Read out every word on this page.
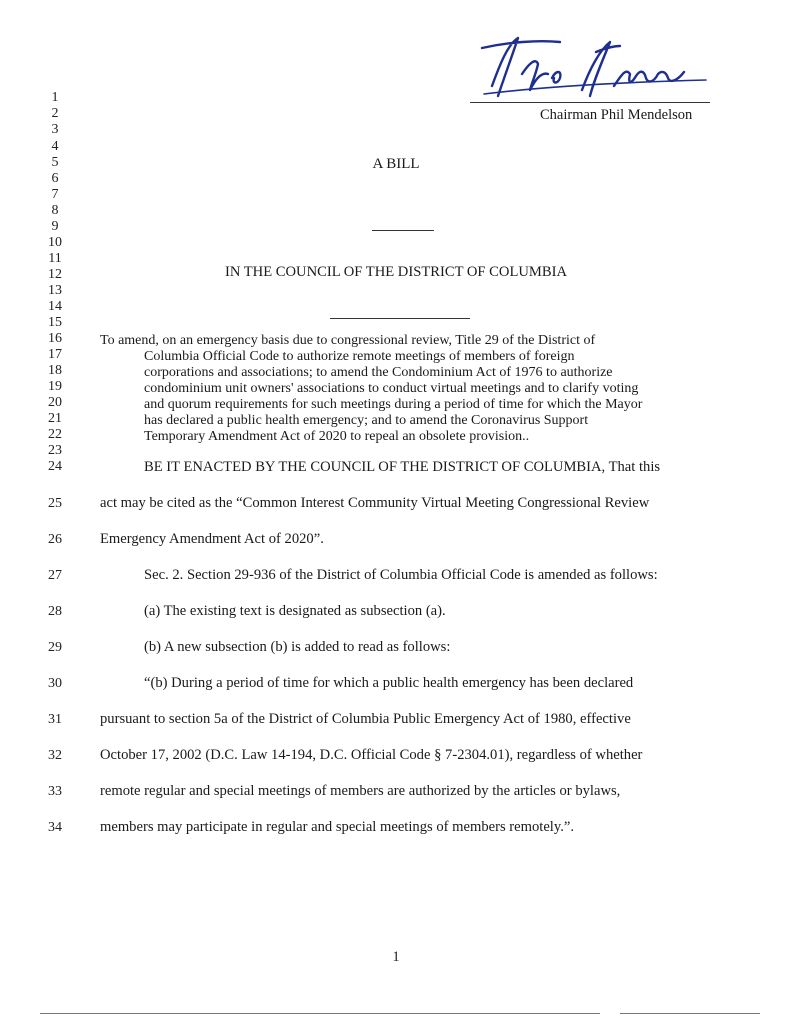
Chairman Phil Mendelson
1
2
3
4
5
6
7
8
9
10
11
12
13
14
15
16
17
18
19
20
21
22
23
24
25
26
27
28
29
30
31
32
33
34
A BILL
IN THE COUNCIL OF THE DISTRICT OF COLUMBIA
To amend, on an emergency basis due to congressional review, Title 29 of the District of
Columbia Official Code to authorize remote meetings of members of foreign
corporations and associations; to amend the Condominium Act of 1976 to authorize
condominium unit owners' associations to conduct virtual meetings and to clarify voting
and quorum requirements for such meetings during a period of time for which the Mayor
has declared a public health emergency; and to amend the Coronavirus Support
Temporary Amendment Act of 2020 to repeal an obsolete provision..
BE IT ENACTED BY THE COUNCIL OF THE DISTRICT OF COLUMBIA, That this
act may be cited as the “Common Interest Community Virtual Meeting Congressional Review
Emergency Amendment Act of 2020”.
Sec. 2. Section 29-936 of the District of Columbia Official Code is amended as follows:
(a) The existing text is designated as subsection (a).
(b) A new subsection (b) is added to read as follows:
“(b) During a period of time for which a public health emergency has been declared
pursuant to section 5a of the District of Columbia Public Emergency Act of 1980, effective
October 17, 2002 (D.C. Law 14-194, D.C. Official Code § 7-2304.01), regardless of whether
remote regular and special meetings of members are authorized by the articles or bylaws,
members may participate in regular and special meetings of members remotely.”.
1
